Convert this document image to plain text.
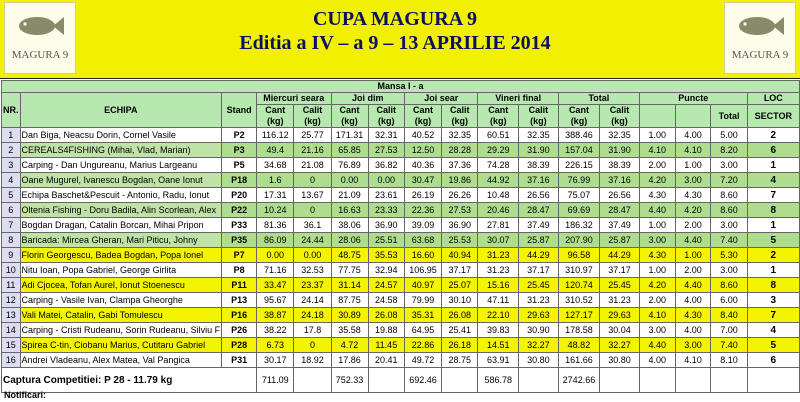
MAGURA 9
CUPA MAGURA 9
Editia a IV – a 9 – 13 APRILIE 2014
MAGURA 9
Mansa I - a																
NR.	ECHIPA	Stand	Miercuri seara		Joi dim		Joi sear		Vineri final		Total		Puncte			LOC
			Cant (kg)	Calit (kg)	Cant (kg)	Calit (kg)	Cant (kg)	Calit (kg)	Cant (kg)	Calit (kg)	Cant (kg)	Calit (kg)			Total	SECTOR
1	Dan Biga, Neacsu Dorin, Cornel Vasile	P2	116.12	25.77	171.31	32.31	40.52	32.35	60.51	32.35	388.46	32.35	1.00	4.00	5.00	2
2	CEREALS4FISHING (Mihai, Vlad, Marian)	P3	49.4	21.16	65.85	27.53	12.50	28.28	29.29	31.90	157.04	31.90	4.10	4.10	8.20	6
3	Carping - Dan Ungureanu, Marius Largeanu	P5	34.68	21.08	76.89	36.82	40.36	37.36	74.28	38.39	226.15	38.39	2.00	1.00	3.00	1
4	Oane Mugurel, Ivanescu Bogdan, Oane Ionut	P18	1.6	0	0.00	0.00	30.47	19.86	44.92	37.16	76.99	37.16	4.20	3.00	7.20	4
5	Echipa Baschet&Pescuit - Antonio, Radu, Ionut	P20	17.31	13.67	21.09	23.61	26.19	26.26	10.48	26.56	75.07	26.56	4.30	4.30	8.60	7
6	Oltenia Fishing - Doru Badila, Alin Scorlean, Alex	P22	10.24	0	16.63	23.33	22.36	27.53	20.46	28.47	69.69	28.47	4.40	4.20	8.60	8
7	Bogdan Dragan, Catalin Borcan, Mihai Pripon	P33	81.36	36.1	38.06	36.90	39.09	36.90	27.81	37.49	186.32	37.49	1.00	2.00	3.00	1
8	Baricada: Mircea Gheran, Mari Piticu, Johny	P35	86.09	24.44	28.06	25.51	63.68	25.53	30.07	25.87	207.90	25.87	3.00	4.40	7.40	5
9	Florin Georgescu, Badea Bogdan, Popa Ionel	P7	0.00	0.00	48.75	35.53	16.60	40.94	31.23	44.29	96.58	44.29	4.30	1.00	5.30	2
10	Nitu Ioan, Popa Gabriel, George Girlita	P8	71.16	32.53	77.75	32.94	106.95	37.17	31.23	37.17	310.97	37.17	1.00	2.00	3.00	1
11	Adi Cjocea, Tofan Aurel, Ionut Stoenescu	P11	33.47	23.37	31.14	24.57	40.97	25.07	15.16	25.45	120.74	25.45	4.20	4.40	8.60	8
12	Carping - Vasile Ivan, Clampa Gheorghe	P13	95.67	24.14	87.75	24.58	79.99	30.10	47.11	31.23	310.52	31.23	2.00	4.00	6.00	3
13	Vali Matei, Catalin, Gabi Tomulescu	P16	38.87	24.18	30.89	26.08	35.31	26.08	22.10	29.63	127.17	29.63	4.10	4.30	8.40	7
14	Carping - Cristi Rudeanu, Sorin Rudeanu, Silviu F	P26	38.22	17.8	35.58	19.88	64.95	25.41	39.83	30.90	178.58	30.04	3.00	4.00	7.00	4
15	Spirea C-tin, Ciobanu Marius, Cutitaru Gabriel	P28	6.73	0	4.72	11.45	22.86	26.18	14.51	32.27	48.82	32.27	4.40	3.00	7.40	5
16	Andrei Vladeanu, Alex Matea, Val Pangica	P31	30.17	18.92	17.86	20.41	49.72	28.75	63.91	30.80	161.66	30.80	4.00	4.10	8.10	6
Captura Competitiei: P 28 - 11.79 kg			711.09		752.33		692.46		586.78		2742.66					
Notificari:
